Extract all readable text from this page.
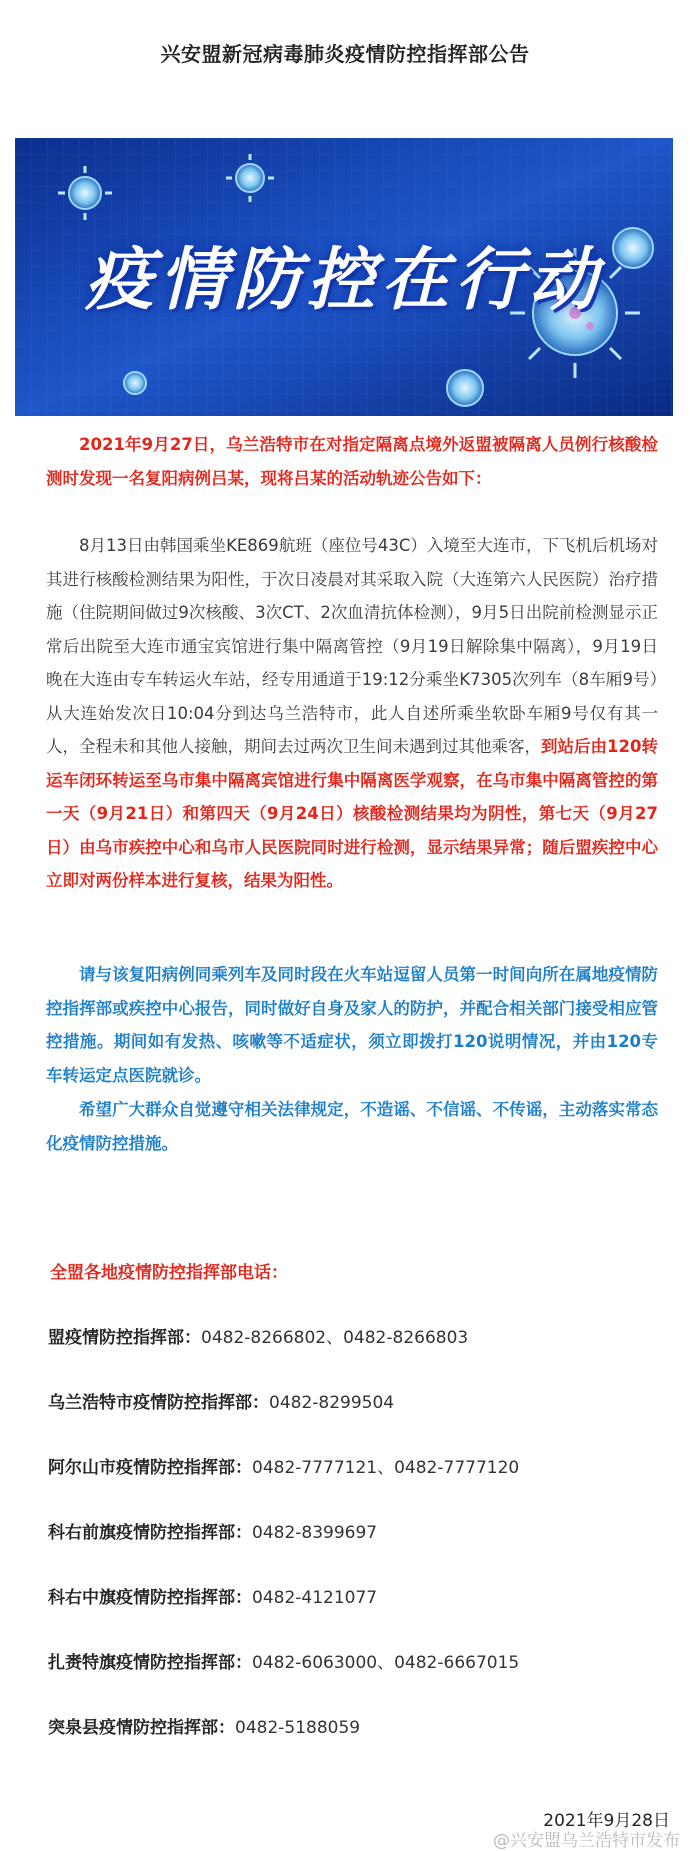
兴安盟新冠病毒肺炎疫情防控指挥部公告
疫情防控在行动
2021年9月27日，乌兰浩特市在对指定隔离点境外返盟被隔离人员例行核酸检测时发现一名复阳病例吕某，现将吕某的活动轨迹公告如下：
8月13日由韩国乘坐KE869航班（座位号43C）入境至大连市，下飞机后机场对其进行核酸检测结果为阳性，于次日凌晨对其采取入院（大连第六人民医院）治疗措施（住院期间做过9次核酸、3次CT、2次血清抗体检测），9月5日出院前检测显示正常后出院至大连市通宝宾馆进行集中隔离管控（9月19日解除集中隔离），9月19日晚在大连由专车转运火车站，经专用通道于19:12分乘坐K7305次列车（8车厢9号）从大连始发次日10:04分到达乌兰浩特市，此人自述所乘坐软卧车厢9号仅有其一人，全程未和其他人接触，期间去过两次卫生间未遇到过其他乘客，到站后由120转运车闭环转运至乌市集中隔离宾馆进行集中隔离医学观察，在乌市集中隔离管控的第一天（9月21日）和第四天（9月24日）核酸检测结果均为阴性，第七天（9月27日）由乌市疾控中心和乌市人民医院同时进行检测，显示结果异常；随后盟疾控中心立即对两份样本进行复核，结果为阳性。
请与该复阳病例同乘列车及同时段在火车站逗留人员第一时间向所在属地疫情防控指挥部或疾控中心报告，同时做好自身及家人的防护，并配合相关部门接受相应管控措施。期间如有发热、咳嗽等不适症状，须立即拨打120说明情况，并由120专车转运定点医院就诊。
希望广大群众自觉遵守相关法律规定，不造谣、不信谣、不传谣，主动落实常态化疫情防控措施。
全盟各地疫情防控指挥部电话：
盟疫情防控指挥部：0482-8266802、0482-8266803
乌兰浩特市疫情防控指挥部：0482-8299504
阿尔山市疫情防控指挥部：0482-7777121、0482-7777120
科右前旗疫情防控指挥部：0482-8399697
科右中旗疫情防控指挥部：0482-4121077
扎赉特旗疫情防控指挥部：0482-6063000、0482-6667015
突泉县疫情防控指挥部：0482-5188059
2021年9月28日
@兴安盟乌兰浩特市发布
